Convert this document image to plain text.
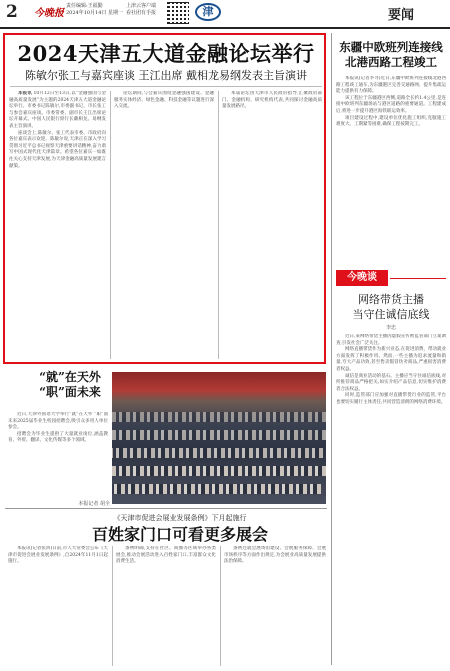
2 今晚报
责任编辑:王福勤
2024年10月14日 星期一
上津云客户端
看社团有手报	津	要闻
2024天津五大道金融论坛举行
陈敏尔张工与嘉宾座谈 王江出席 戴相龙易纲发表主旨演讲

本报讯 10月12日至13日,以“金融强国与金融高质量发展”为主题的2024天津五大道金融论坛举行。市委书记陈敏尔,市委副书记、市长张工与参会嘉宾座谈。市委常委、副市长王江出席论坛开幕式。中国人民银行原行长戴相龙、易纲发表主旨演讲。

座谈会上,陈敏尔、张工代表市委、市政府向各位嘉宾表示欢迎。陈敏尔说,天津正在深入学习贯彻习近平总书记视察天津重要讲话精神,奋力谱写中国式现代化天津篇章。希望各位嘉宾一如既往关心支持天津发展,为天津金融高质量发展建言献策。

论坛期间,与会嘉宾围绕金融强国建设、金融服务实体经济、绿色金融、科技金融等议题进行深入交流。

本届论坛由天津市人民政府指导,汇聚政府部门、金融机构、研究机构代表,共同探讨金融高质量发展路径。

东疆中欧班列连接线
北港西路工程竣工

本报讯(记者李寻)近日,东疆中欧班列连接线北港西路工程竣工通车,为东疆港区完善交通路网、提升集疏运能力提供有力保障。

该工程位于东疆港区西侧,道路全长约1.4公里,是连接中欧班列东疆场站与港区道路的重要通道。工程建成后,将进一步提升港区海铁联运效率。

项目建设过程中,建设单位优化施工组织,克服施工难度大、工期紧等困难,确保工程按期完工。

今晚谈
网络带货主播
当守住诚信底线
李忠

近日,某网络带货主播因虚假宣传被监管部门立案调查,引发社会广泛关注。

网络直播带货作为新兴业态,在促进消费、带动就业方面发挥了积极作用。然而,一些主播为追求流量和销量,夸大产品功效,甚至售卖假冒伪劣商品,严重损害消费者权益。

诚信是商业活动的基石。主播应当守住诚信底线,对所推荐商品严格把关,如实介绍产品信息,切实维护消费者合法权益。

同时,监管部门应加强对直播带货行业的监管,平台也要切实履行主体责任,共同营造清朗的网络消费环境。

“就”在天外
“职”面未来

近日,天津外国语大学举行“就”在天外 “职”面未来2025届毕业生校园招聘会,吸引众多用人单位参会。

招聘会为毕业生提供了大量就业岗位,涵盖教育、外贸、翻译、文化传媒等多个领域。

本报记者 胡全
《天津市促进会展业发展条例》下月起施行
百姓家门口可看更多展会

本报讯(记者张鸿)日前,市人大常委会公布《天津市促进会展业发展条例》,自2024年11月1日起施行。

条例明确,支持在社区、商圈等区域举办各类展会,推动会展活动进入百姓家门口,丰富群众文化消费生活。

条例还就会展场馆建设、会展服务保障、会展市场秩序等方面作出规定,为会展业高质量发展提供法治保障。
